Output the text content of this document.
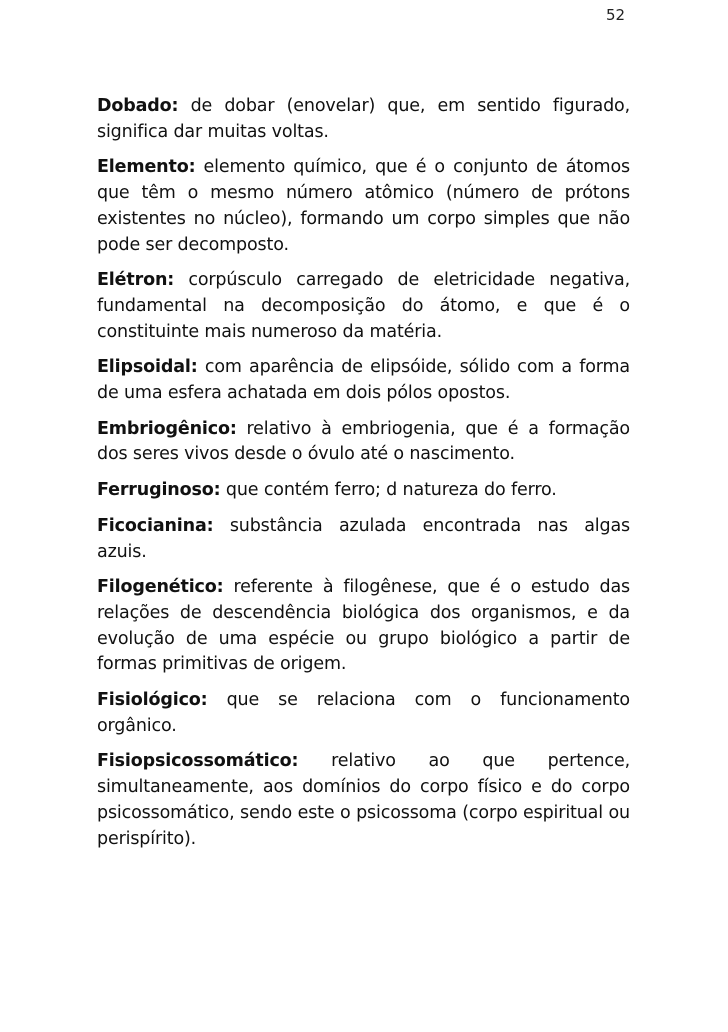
52

Dobado: de dobar (enovelar) que, em sentido figurado, significa dar muitas voltas.

Elemento: elemento químico, que é o conjunto de átomos que têm o mesmo número atômico (número de prótons existentes no núcleo), formando um corpo simples que não pode ser decomposto.

Elétron: corpúsculo carregado de eletricidade negativa, fundamental na decomposição do átomo, e que é o constituinte mais numeroso da matéria.

Elipsoidal: com aparência de elipsóide, sólido com a forma de uma esfera achatada em dois pólos opostos.

Embriogênico: relativo à embriogenia, que é a formação dos seres vivos desde o óvulo até o nascimento.

Ferruginoso: que contém ferro; d natureza do ferro.

Ficocianina: substância azulada encontrada nas algas azuis.

Filogenético: referente à filogênese, que é o estudo das relações de descendência biológica dos organismos, e da evolução de uma espécie ou grupo biológico a partir de formas primitivas de origem.

Fisiológico: que se relaciona com o funcionamento orgânico.

Fisiopsicossomático: relativo ao que pertence, simultaneamente, aos domínios do corpo físico e do corpo psicossomático, sendo este o psicossoma (corpo espiritual ou perispírito).
